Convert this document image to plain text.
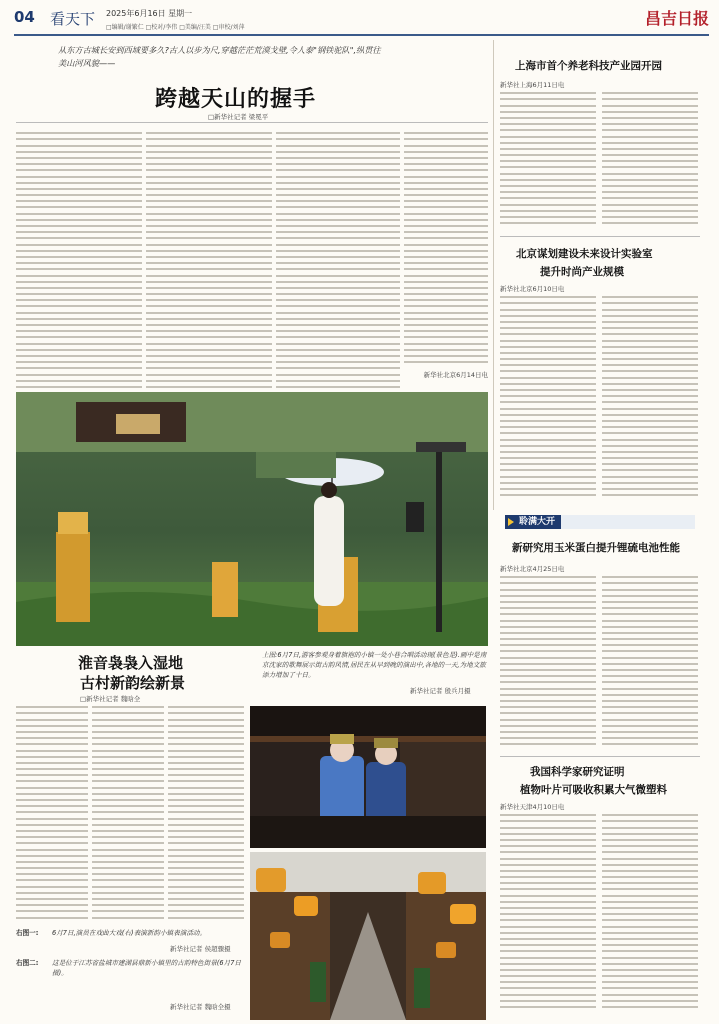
04 看天下 2025年6月16日 星期一
□编辑/谢繁仁 □校对/李伟 □美编/汪美 □审校/刘萍	昌吉日报
从东方古城长安到西域要多久?古人以步为尺,穿越茫茫荒漠戈壁,令人泰"钢铁驼队",纵贯往美山河风貌——
跨越天山的握手
□新华社记者 梁冕平
新华社北京6月14日电
上海市首个养老科技产业园开园
新华社上海6月11日电
北京谋划建设未来设计实验室
提升时尚产业规模
新华社北京6月10日电
聆满大开
新研究用玉米蛋白提升锂硫电池性能
新华社北京4月25日电
我国科学家研究证明
植物叶片可吸收积累大气微塑料
新华社天津4月10日电
上图:6月7日,游客参观身着旗袍的小镇一处小巷合唱活动现(景色是).画中是南京沈家的歌舞展示街古韵风情,居民在从早到晚的演出中,各地的一天,为地文旅添力增加了十日。
新华社记者 殷兵月摄
淮音袅袅入湿地
古村新韵绘新景
□新华社记者 魏晗全
右图一:	6月7日,演员在戏曲大戏(右)表演新韵小镇表演活动。
新华社记者 侯超骤摄
右图二:	这是位于江苏省盐城市建湖县鼎新小镇里的古韵特色街景(6月7日摄)。
新华社记者 魏晗全摄
